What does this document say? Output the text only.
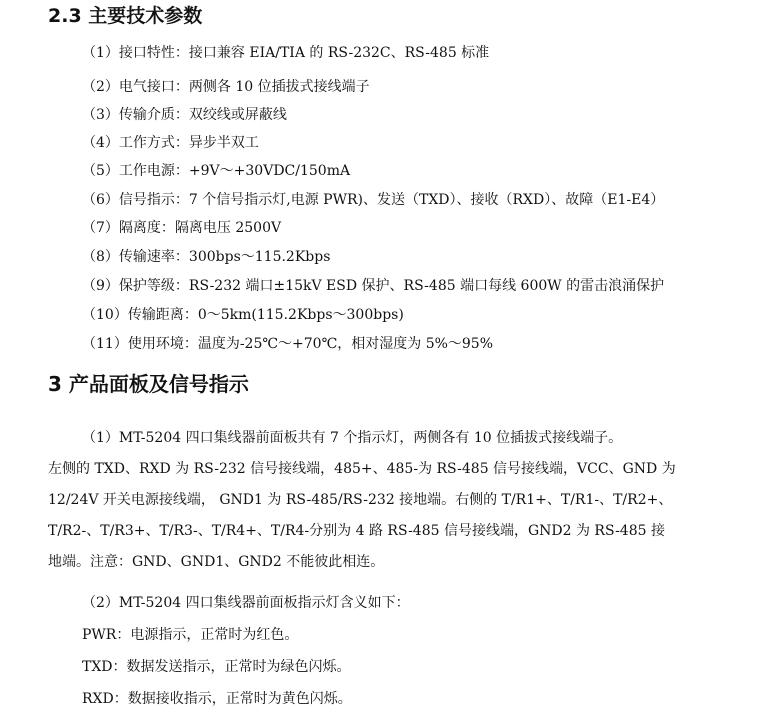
2.3 主要技术参数
（1）接口特性：接口兼容 EIA/TIA 的 RS-232C、RS-485 标准
（2）电气接口：两侧各 10 位插拔式接线端子
（3）传输介质：双绞线或屏蔽线
（4）工作方式：异步半双工
（5）工作电源：+9V～+30VDC/150mA
（6）信号指示：7 个信号指示灯,电源 PWR)、发送（TXD）、接收（RXD）、故障（E1-E4）
（7）隔离度：隔离电压 2500V
（8）传输速率：300bps～115.2Kbps
（9）保护等级：RS-232 端口±15kV ESD 保护、RS-485 端口每线 600W 的雷击浪涌保护
（10）传输距离：0～5km(115.2Kbps～300bps)
（11）使用环境：温度为-25℃～+70℃，相对湿度为 5%～95%
3 产品面板及信号指示
（1）MT-5204 四口集线器前面板共有 7 个指示灯，两侧各有 10 位插拔式接线端子。
左侧的 TXD、RXD 为 RS-232 信号接线端，485+、485-为 RS-485 信号接线端，VCC、GND 为
12/24V 开关电源接线端， GND1 为 RS-485/RS-232 接地端。右侧的 T/R1+、T/R1-、T/R2+、
T/R2-、T/R3+、T/R3-、T/R4+、T/R4-分别为 4 路 RS-485 信号接线端，GND2 为 RS-485 接
地端。注意：GND、GND1、GND2 不能彼此相连。
（2）MT-5204 四口集线器前面板指示灯含义如下：
PWR：电源指示，正常时为红色。
TXD：数据发送指示，正常时为绿色闪烁。
RXD：数据接收指示，正常时为黄色闪烁。
